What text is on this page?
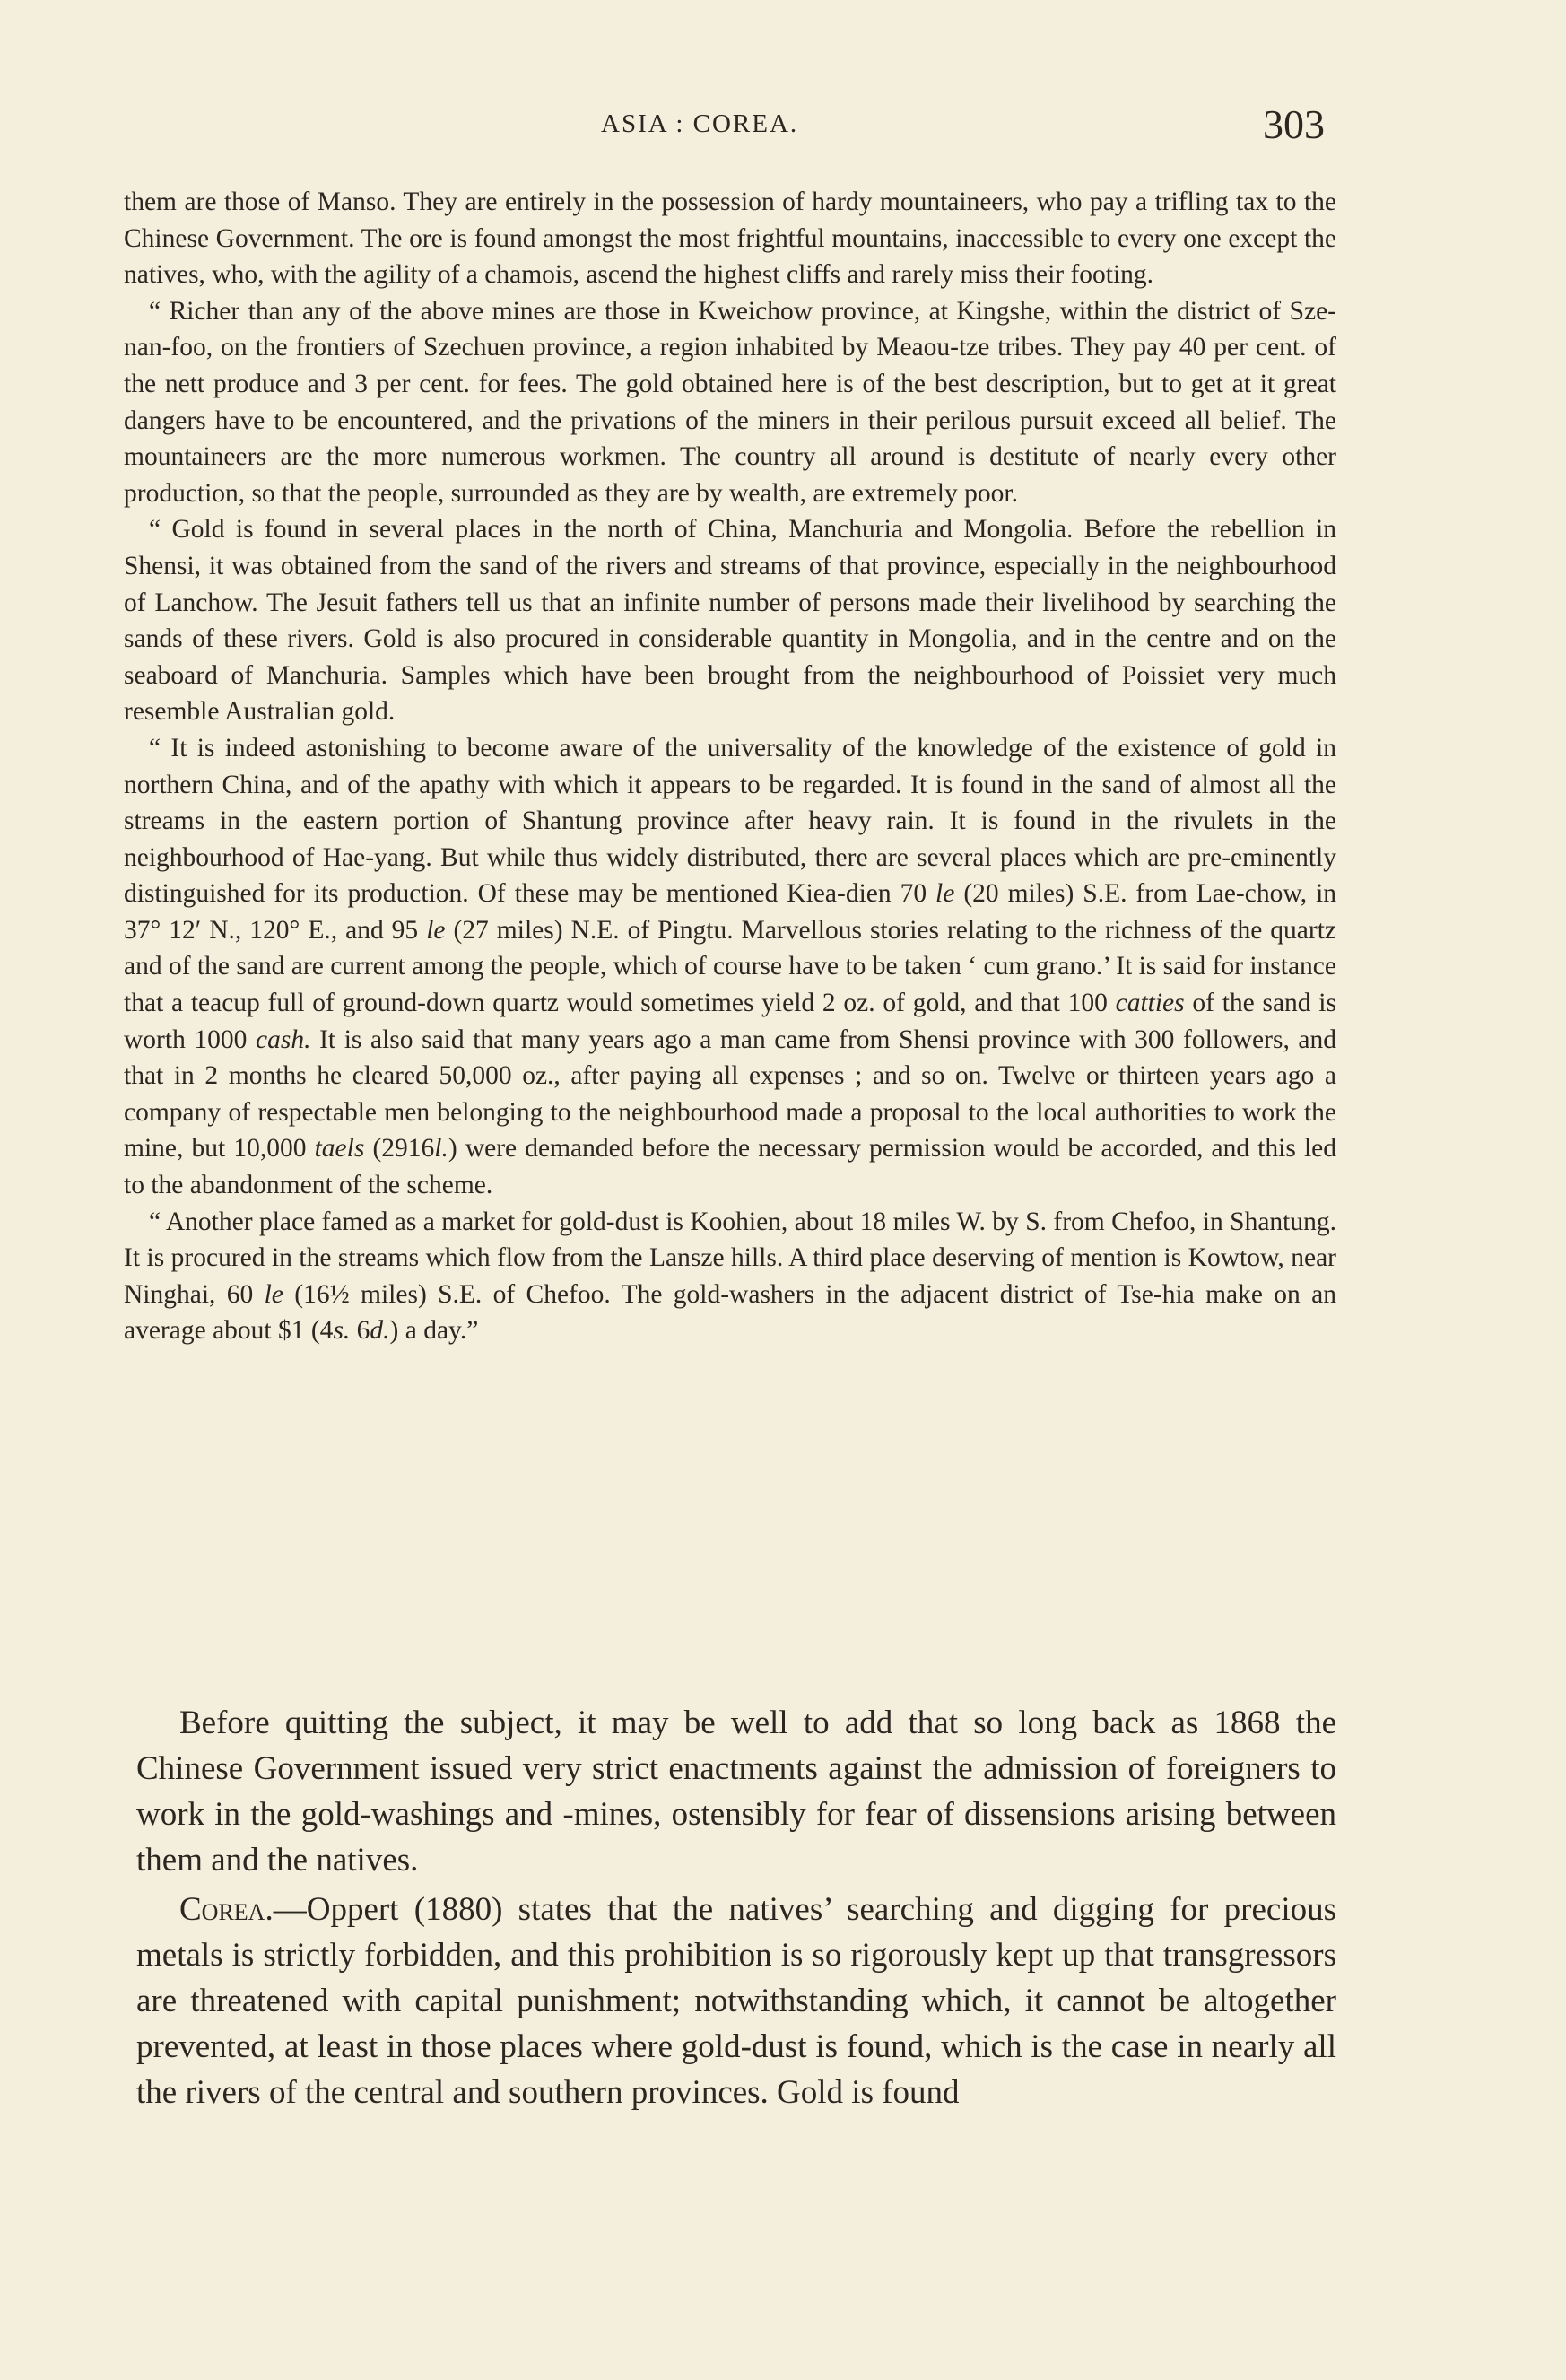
ASIA : COREA.	303

them are those of Manso. They are entirely in the possession of hardy mountaineers, who pay a trifling tax to the Chinese Government. The ore is found amongst the most frightful mountains, inaccessible to every one except the natives, who, with the agility of a chamois, ascend the highest cliffs and rarely miss their footing.

“ Richer than any of the above mines are those in Kweichow province, at Kingshe, within the district of Sze-nan-foo, on the frontiers of Szechuen province, a region inhabited by Meaou-tze tribes. They pay 40 per cent. of the nett produce and 3 per cent. for fees. The gold obtained here is of the best description, but to get at it great dangers have to be encountered, and the privations of the miners in their perilous pursuit exceed all belief. The mountaineers are the more numerous workmen. The country all around is destitute of nearly every other production, so that the people, surrounded as they are by wealth, are extremely poor.

“ Gold is found in several places in the north of China, Manchuria and Mongolia. Before the rebellion in Shensi, it was obtained from the sand of the rivers and streams of that province, especially in the neighbourhood of Lanchow. The Jesuit fathers tell us that an infinite number of persons made their livelihood by searching the sands of these rivers. Gold is also procured in considerable quantity in Mongolia, and in the centre and on the seaboard of Manchuria. Samples which have been brought from the neighbourhood of Poissiet very much resemble Australian gold.

“ It is indeed astonishing to become aware of the universality of the knowledge of the existence of gold in northern China, and of the apathy with which it appears to be regarded. It is found in the sand of almost all the streams in the eastern portion of Shantung province after heavy rain. It is found in the rivulets in the neighbourhood of Hae-yang. But while thus widely distributed, there are several places which are pre-eminently distinguished for its production. Of these may be mentioned Kiea-dien 70 le (20 miles) S.E. from Lae-chow, in 37° 12′ N., 120° E., and 95 le (27 miles) N.E. of Pingtu. Marvellous stories relating to the richness of the quartz and of the sand are current among the people, which of course have to be taken ‘ cum grano.’ It is said for instance that a teacup full of ground-down quartz would sometimes yield 2 oz. of gold, and that 100 catties of the sand is worth 1000 cash. It is also said that many years ago a man came from Shensi province with 300 followers, and that in 2 months he cleared 50,000 oz., after paying all expenses ; and so on. Twelve or thirteen years ago a company of respectable men belonging to the neighbourhood made a proposal to the local authorities to work the mine, but 10,000 taels (2916l.) were demanded before the necessary permission would be accorded, and this led to the abandonment of the scheme.

“ Another place famed as a market for gold-dust is Koohien, about 18 miles W. by S. from Chefoo, in Shantung. It is procured in the streams which flow from the Lansze hills. A third place deserving of mention is Kowtow, near Ninghai, 60 le (16½ miles) S.E. of Chefoo. The gold-washers in the adjacent district of Tse-hia make on an average about $1 (4s. 6d.) a day.”

Before quitting the subject, it may be well to add that so long back as 1868 the Chinese Government issued very strict enactments against the admission of foreigners to work in the gold-washings and -mines, ostensibly for fear of dissensions arising between them and the natives.

Corea.—Oppert (1880) states that the natives’ searching and digging for precious metals is strictly forbidden, and this prohibition is so rigorously kept up that transgressors are threatened with capital punishment; notwithstanding which, it cannot be altogether prevented, at least in those places where gold-dust is found, which is the case in nearly all the rivers of the central and southern provinces. Gold is found
